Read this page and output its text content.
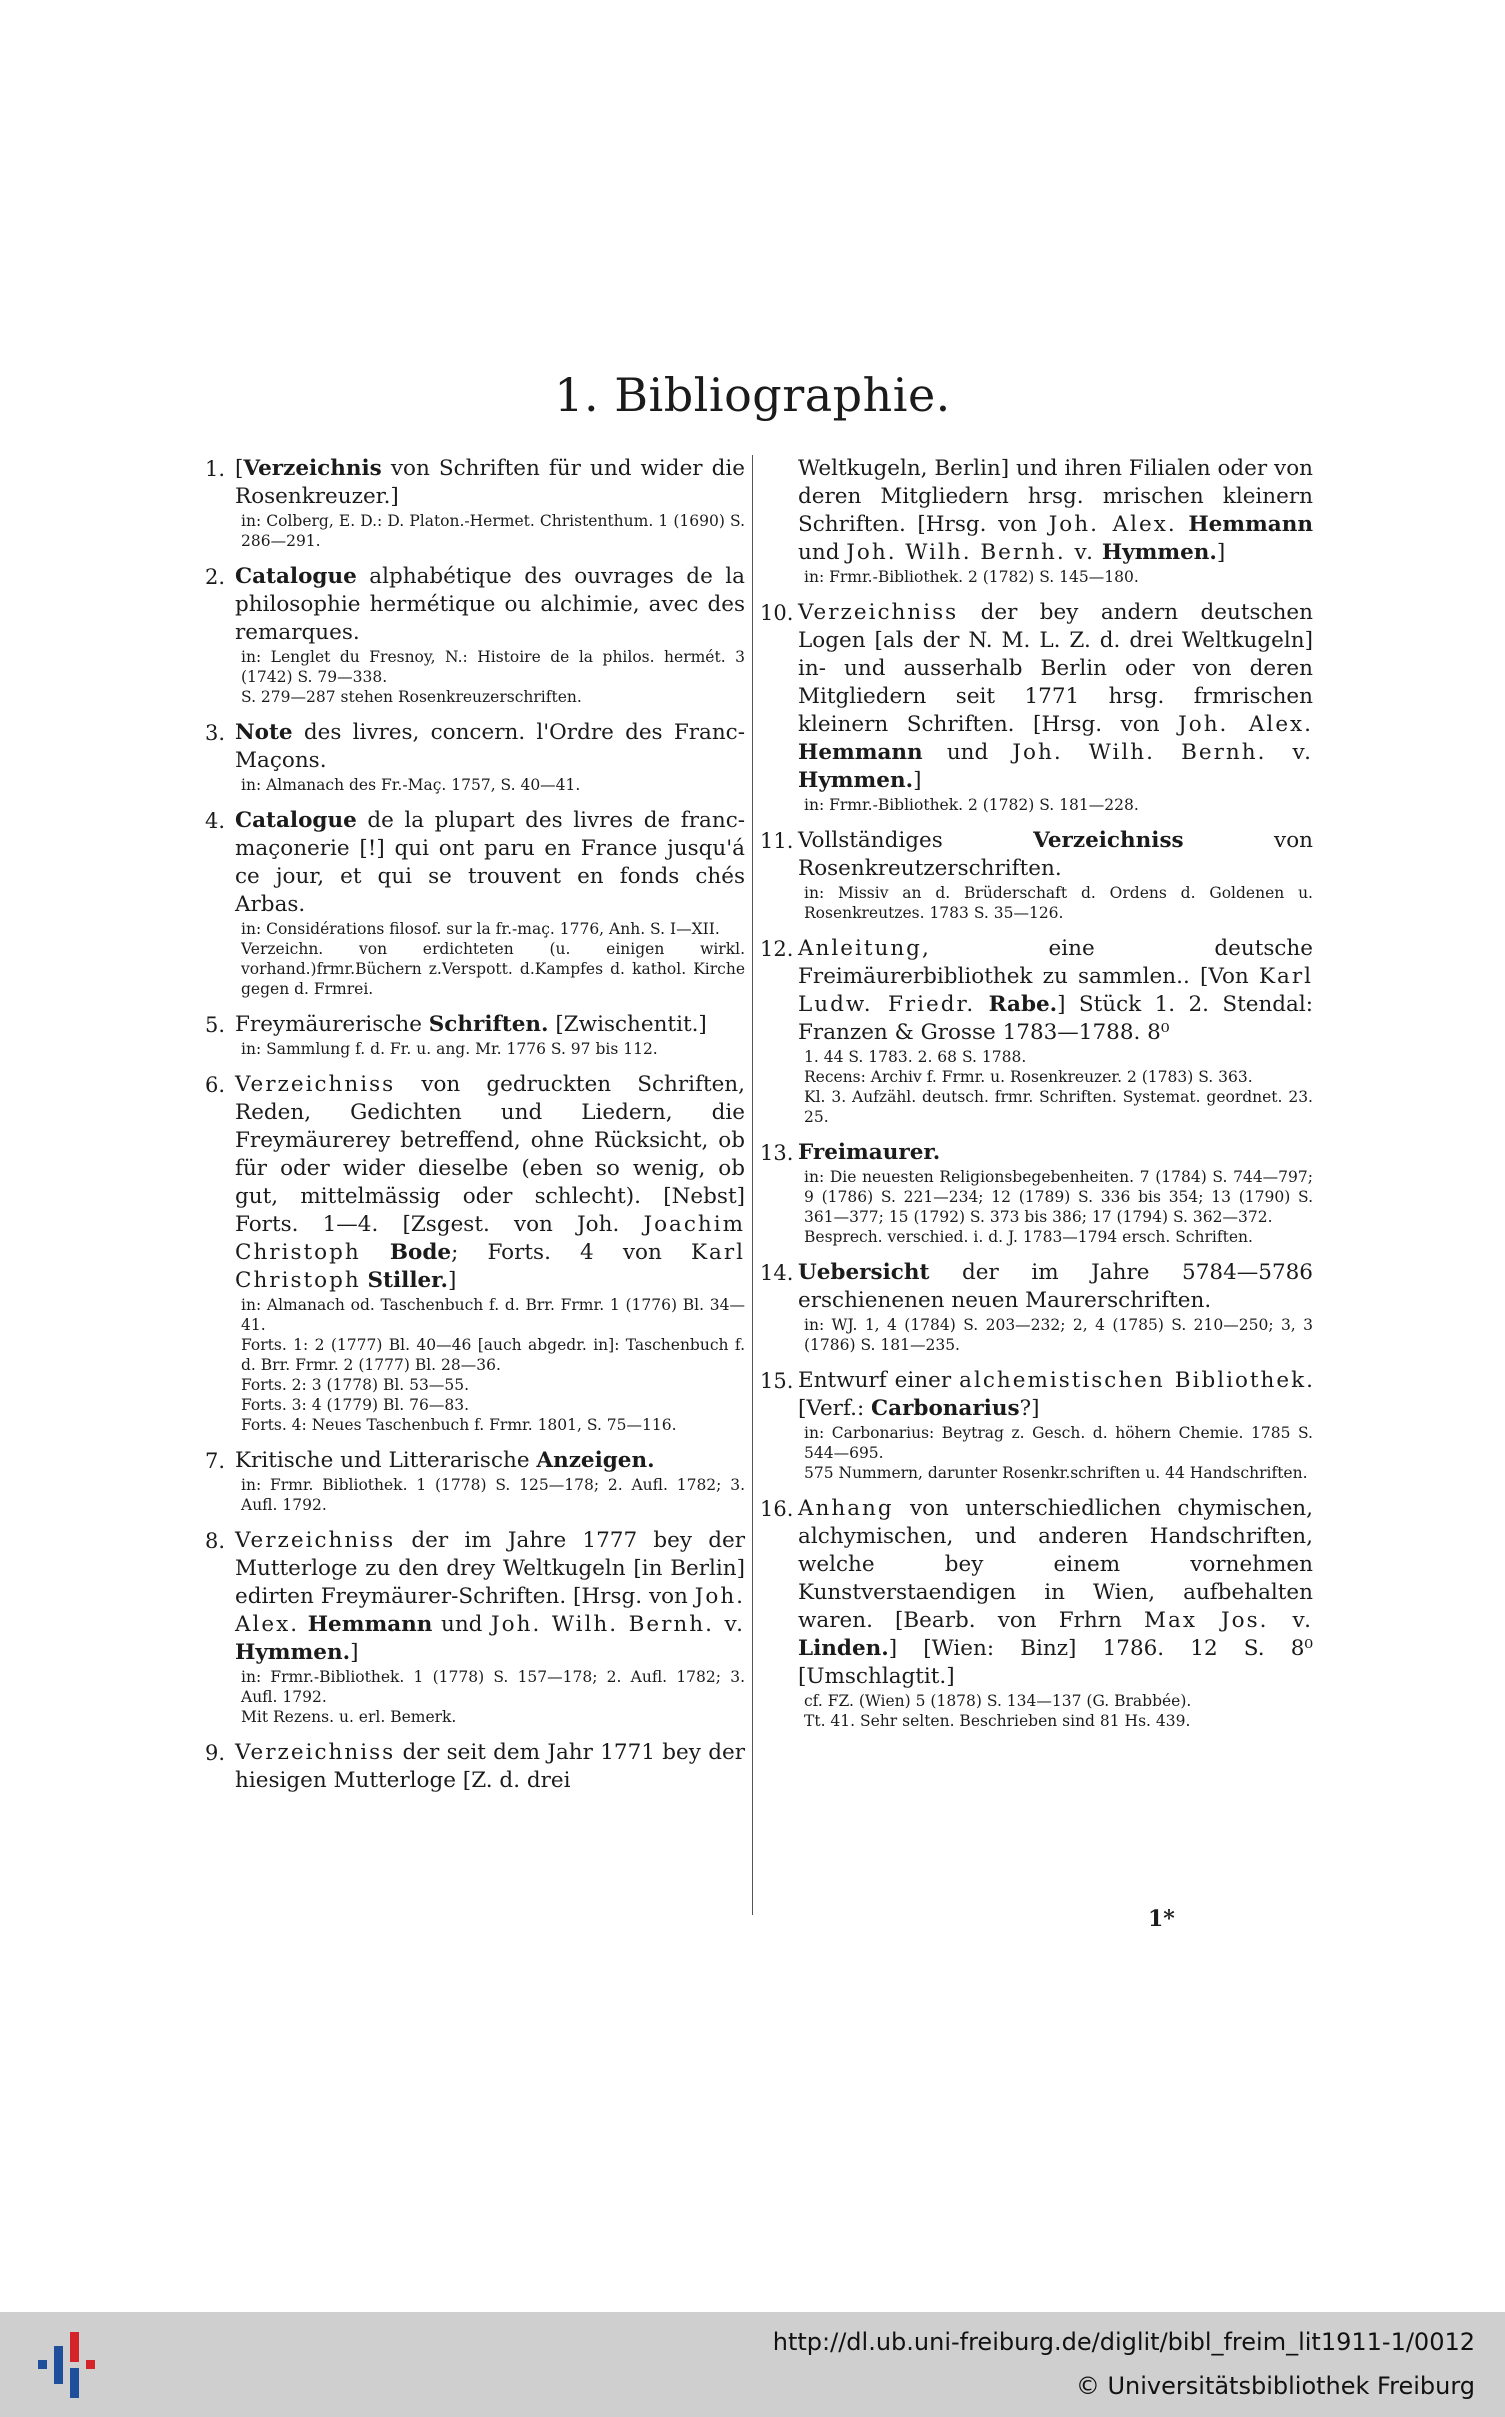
1. Bibliographie.
1. [Verzeichnis von Schriften für und wider die Rosenkreuzer.]
in: Colberg, E. D.: D. Platon.-Hermet. Christenthum. 1 (1690) S. 286—291.
2. Catalogue alphabétique des ouvrages de la philosophie hermétique ou alchimie, avec des remarques.
in: Lenglet du Fresnoy, N.: Histoire de la philos. hermét. 3 (1742) S. 79—338.
S. 279—287 stehen Rosenkreuzerschriften.
3. Note des livres, concern. l'Ordre des Franc-Maçons.
in: Almanach des Fr.-Maç. 1757, S. 40—41.
4. Catalogue de la plupart des livres de franc-maçonerie [!] qui ont paru en France jusqu'á ce jour, et qui se trouvent en fonds chés Arbas.
in: Considérations filosof. sur la fr.-maç. 1776, Anh. S. I—XII.
Verzeichn. von erdichteten (u. einigen wirkl. vorhand.)frmr.Büchern z.Verspott. d.Kampfes d. kathol. Kirche gegen d. Frmrei.
5. Freymäurerische Schriften. [Zwischentit.]
in: Sammlung f. d. Fr. u. ang. Mr. 1776 S. 97 bis 112.
6. Verzeichniss von gedruckten Schriften, Reden, Gedichten und Liedern, die Freymäurerey betreffend, ohne Rücksicht, ob für oder wider dieselbe (eben so wenig, ob gut, mittelmässig oder schlecht). [Nebst] Forts. 1—4. [Zsgest. von Joh. Joachim Christoph Bode; Forts. 4 von Karl Christoph Stiller.]
in: Almanach od. Taschenbuch f. d. Brr. Frmr. 1 (1776) Bl. 34—41.
Forts. 1: 2 (1777) Bl. 40—46 [auch abgedr. in]: Taschenbuch f. d. Brr. Frmr. 2 (1777) Bl. 28—36.
Forts. 2: 3 (1778) Bl. 53—55.
Forts. 3: 4 (1779) Bl. 76—83.
Forts. 4: Neues Taschenbuch f. Frmr. 1801, S. 75—116.
7. Kritische und Litterarische Anzeigen.
in: Frmr. Bibliothek. 1 (1778) S. 125—178; 2. Aufl. 1782; 3. Aufl. 1792.
8. Verzeichniss der im Jahre 1777 bey der Mutterloge zu den drey Weltkugeln [in Berlin] edirten Freymäurer-Schriften. [Hrsg. von Joh. Alex. Hemmann und Joh. Wilh. Bernh. v. Hymmen.]
in: Frmr.-Bibliothek. 1 (1778) S. 157—178; 2. Aufl. 1782; 3. Aufl. 1792.
Mit Rezens. u. erl. Bemerk.
9. Verzeichniss der seit dem Jahr 1771 bey der hiesigen Mutterloge [Z. d. drei
Weltkugeln, Berlin] und ihren Filialen oder von deren Mitgliedern hrsg. mrischen kleinern Schriften. [Hrsg. von Joh. Alex. Hemmann und Joh. Wilh. Bernh. v. Hymmen.]
in: Frmr.-Bibliothek. 2 (1782) S. 145—180.
10. Verzeichniss der bey andern deutschen Logen [als der N. M. L. Z. d. drei Weltkugeln] in- und ausserhalb Berlin oder von deren Mitgliedern seit 1771 hrsg. frmrischen kleinern Schriften. [Hrsg. von Joh. Alex. Hemmann und Joh. Wilh. Bernh. v. Hymmen.]
in: Frmr.-Bibliothek. 2 (1782) S. 181—228.
11. Vollständiges Verzeichniss von Rosenkreutzerschriften.
in: Missiv an d. Brüderschaft d. Ordens d. Goldenen u. Rosenkreutzes. 1783 S. 35—126.
12. Anleitung, eine deutsche Freimäurerbibliothek zu sammlen.. [Von Karl Ludw. Friedr. Rabe.] Stück 1. 2. Stendal: Franzen & Grosse 1783—1788. 8⁰
1. 44 S. 1783. 2. 68 S. 1788.
Recens: Archiv f. Frmr. u. Rosenkreuzer. 2 (1783) S. 363.
Kl. 3. Aufzähl. deutsch. frmr. Schriften. Systemat. geordnet. 23. 25.
13. Freimaurer.
in: Die neuesten Religionsbegebenheiten. 7 (1784) S. 744—797; 9 (1786) S. 221—234; 12 (1789) S. 336 bis 354; 13 (1790) S. 361—377; 15 (1792) S. 373 bis 386; 17 (1794) S. 362—372.
Besprech. verschied. i. d. J. 1783—1794 ersch. Schriften.
14. Uebersicht der im Jahre 5784—5786 erschienenen neuen Maurerschriften.
in: WJ. 1, 4 (1784) S. 203—232; 2, 4 (1785) S. 210—250; 3, 3 (1786) S. 181—235.
15. Entwurf einer alchemistischen Bibliothek. [Verf.: Carbonarius?]
in: Carbonarius: Beytrag z. Gesch. d. höhern Chemie. 1785 S. 544—695.
575 Nummern, darunter Rosenkr.schriften u. 44 Handschriften.
16. Anhang von unterschiedlichen chymischen, alchymischen, und anderen Handschriften, welche bey einem vornehmen Kunstverstaendigen in Wien, aufbehalten waren. [Bearb. von Frhrn Max Jos. v. Linden.] [Wien: Binz] 1786. 12 S. 8⁰ [Umschlagtit.]
cf. FZ. (Wien) 5 (1878) S. 134—137 (G. Brabbée).
Tt. 41. Sehr selten. Beschrieben sind 81 Hs. 439.
1*
http://dl.ub.uni-freiburg.de/diglit/bibl_freim_lit1911-1/0012
© Universitätsbibliothek Freiburg
